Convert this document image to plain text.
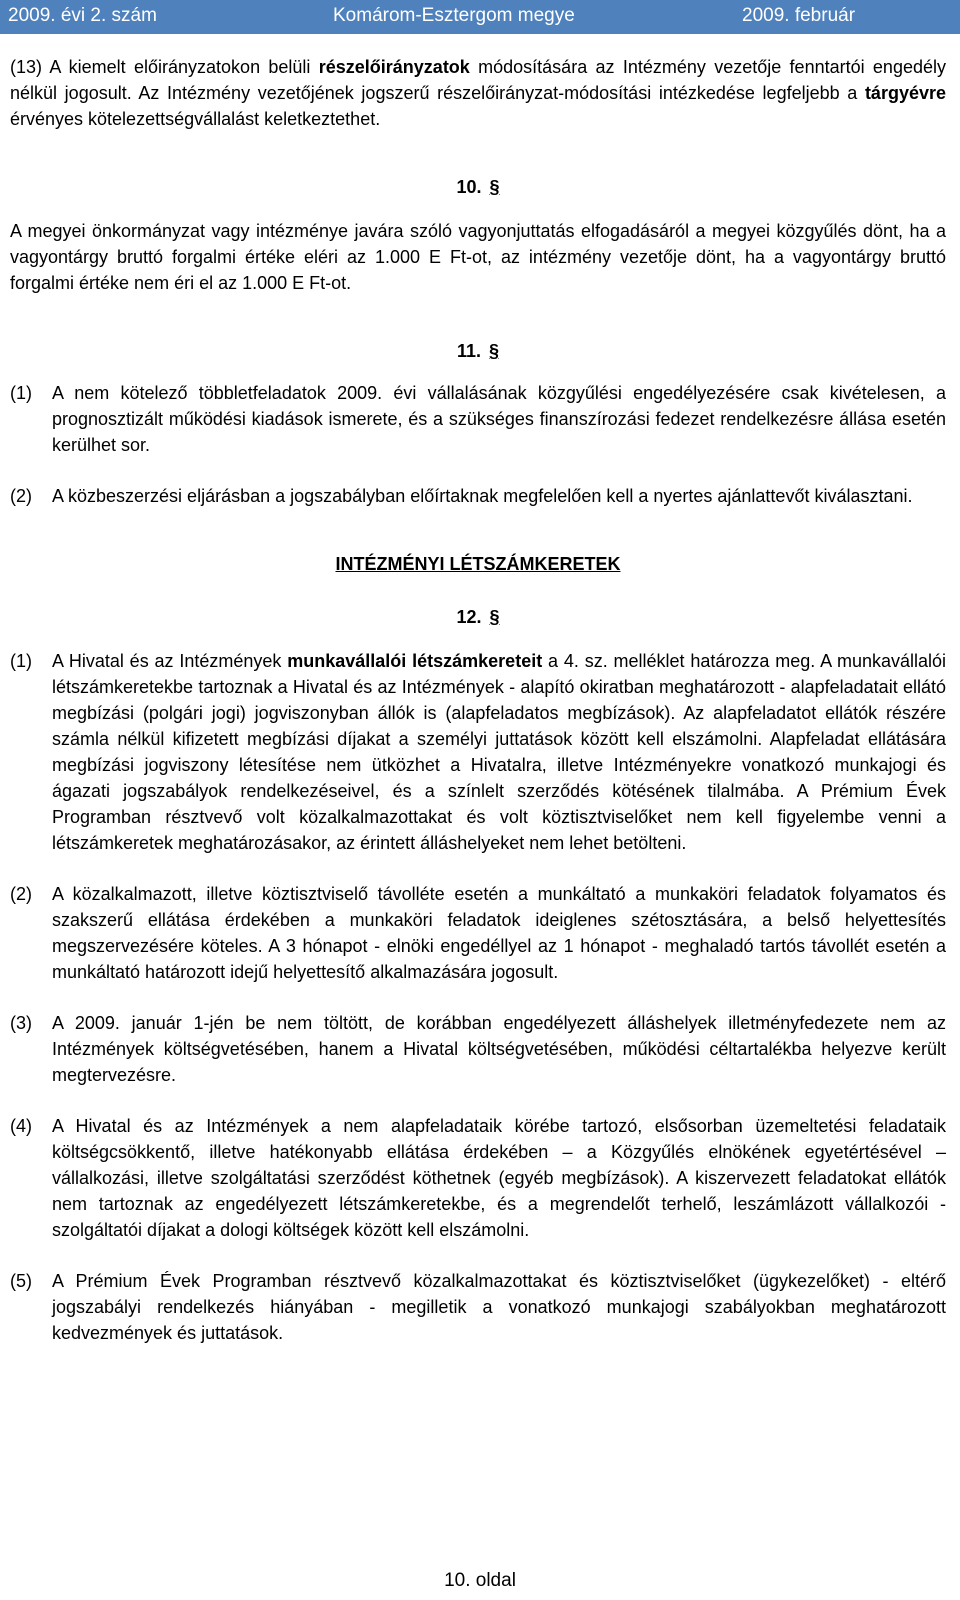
2009. évi 2. szám	Komárom-Esztergom megye	2009. február
(13) A kiemelt előirányzatokon belüli részelőirányzatok módosítására az Intézmény vezetője fenntartói engedély nélkül jogosult. Az Intézmény vezetőjének jogszerű részelőirányzat-módosítási intézkedése legfeljebb a tárgyévre érvényes kötelezettségvállalást keletkeztethet.

10. §

A megyei önkormányzat vagy intézménye javára szóló vagyonjuttatás elfogadásáról a megyei közgyűlés dönt, ha a vagyontárgy bruttó forgalmi értéke eléri az 1.000 E Ft-ot, az intézmény vezetője dönt, ha a vagyontárgy bruttó forgalmi értéke nem éri el az 1.000 E Ft-ot.

11. §

(1)	A nem kötelező többletfeladatok 2009. évi vállalásának közgyűlési engedélyezésére csak kivételesen, a prognosztizált működési kiadások ismerete, és a szükséges finanszírozási fedezet rendelkezésre állása esetén kerülhet sor.
(2)	A közbeszerzési eljárásban a jogszabályban előírtaknak megfelelően kell a nyertes ajánlattevőt kiválasztani.

INTÉZMÉNYI LÉTSZÁMKERETEK

12. §

(1)	A Hivatal és az Intézmények munkavállalói létszámkereteit a 4. sz. melléklet határozza meg. A munkavállalói létszámkeretekbe tartoznak a Hivatal és az Intézmények - alapító okiratban meghatározott - alapfeladatait ellátó megbízási (polgári jogi) jogviszonyban állók is (alapfeladatos megbízások). Az alapfeladatot ellátók részére számla nélkül kifizetett megbízási díjakat a személyi juttatások között kell elszámolni. Alapfeladat ellátására megbízási jogviszony létesítése nem ütközhet a Hivatalra, illetve Intézményekre vonatkozó munkajogi és ágazati jogszabályok rendelkezéseivel, és a színlelt szerződés kötésének tilalmába. A Prémium Évek Programban résztvevő volt közalkalmazottakat és volt köztisztviselőket nem kell figyelembe venni a létszámkeretek meghatározásakor, az érintett álláshelyeket nem lehet betölteni.
(2)	A közalkalmazott, illetve köztisztviselő távolléte esetén a munkáltató a munkaköri feladatok folyamatos és szakszerű ellátása érdekében a munkaköri feladatok ideiglenes szétosztására, a belső helyettesítés megszervezésére köteles. A 3 hónapot - elnöki engedéllyel az 1 hónapot - meghaladó tartós távollét esetén a munkáltató határozott idejű helyettesítő alkalmazására jogosult.
(3)	A 2009. január 1-jén be nem töltött, de korábban engedélyezett álláshelyek illetményfedezete nem az Intézmények költségvetésében, hanem a Hivatal költségvetésében, működési céltartalékba helyezve került megtervezésre.
(4)	A Hivatal és az Intézmények a nem alapfeladataik körébe tartozó, elsősorban üzemeltetési feladataik költségcsökkentő, illetve hatékonyabb ellátása érdekében – a Közgyűlés elnökének egyetértésével – vállalkozási, illetve szolgáltatási szerződést köthetnek (egyéb megbízások). A kiszervezett feladatokat ellátók nem tartoznak az engedélyezett létszámkeretekbe, és a megrendelőt terhelő, leszámlázott vállalkozói - szolgáltatói díjakat a dologi költségek között kell elszámolni.
(5)	A Prémium Évek Programban résztvevő közalkalmazottakat és köztisztviselőket (ügykezelőket) - eltérő jogszabályi rendelkezés hiányában - megilletik a vonatkozó munkajogi szabályokban meghatározott kedvezmények és juttatások.
10. oldal
